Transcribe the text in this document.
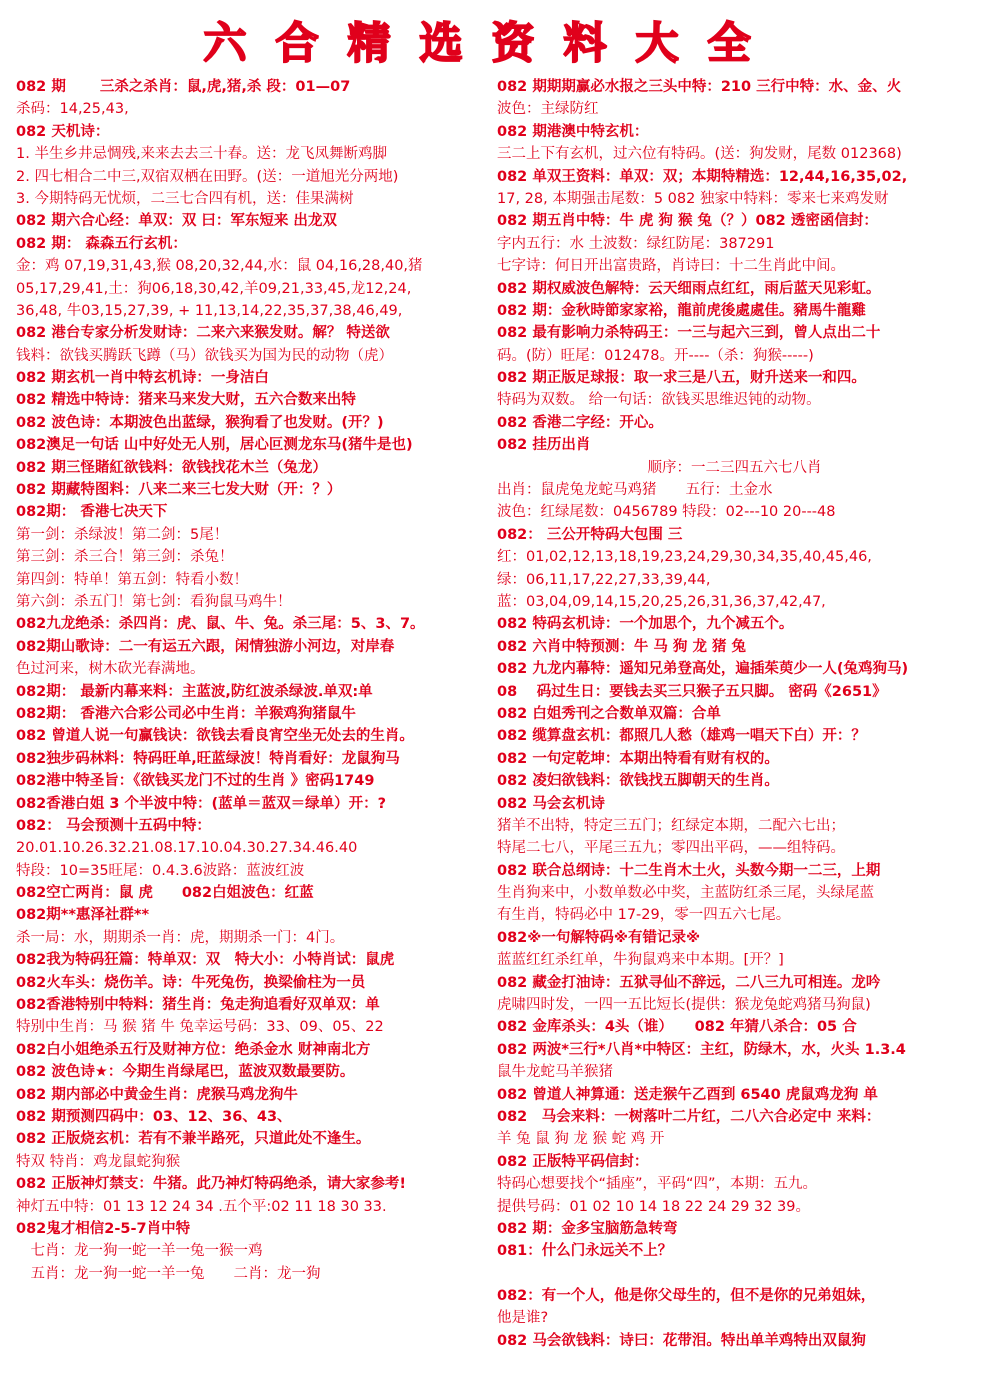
六合精选资料大全
082 期 　　三杀之杀肖：鼠,虎,猪,杀 段：01—07
杀码：14,25,43,
082 天机诗：
1. 半生乡井忌惆残,来来去去三十春。送：龙飞凤舞断鸡脚
2. 四七相合二中三,双宿双栖在田野。(送：一道旭光分两地)
3. 今期特码无忧烦，二三七合四有机，送：佳果满树
082 期六合心经：单双：双 曰：军东短来 出龙双
082 期： 森森五行玄机：
金：鸡 07,19,31,43,猴 08,20,32,44,水：鼠 04,16,28,40,猪
05,17,29,41,土：狗06,18,30,42,羊09,21,33,45,龙12,24,
36,48, 牛03,15,27,39, + 11,13,14,22,35,37,38,46,49,
082 港台专家分析发财诗：二来六来猴发财。解？ 特送欲
钱料：欲钱买腾跃飞蹲（马）欲钱买为国为民的动物（虎）
082 期玄机一肖中特玄机诗：一身洁白
082 精选中特诗：猪来马来发大财，五六合数来出特
082 波色诗：本期波色出蓝绿，猴狗看了也发财。(开？)
082澳足一句话 山中好处无人别，居心叵测龙东马(猪牛是也)
082 期三怪賭紅欲钱料：欲钱找花木兰（兔龙）
082 期藏特图料：八来二来三七发大财（开：？）
082期： 香港七决天下
第一剑：杀绿波！第二剑：5尾！
第三剑：杀三合！第三剑：杀兔！
第四剑：特单！第五剑：特看小数！
第六剑：杀五门！第七剑：看狗鼠马鸡牛！
082九龙绝杀：杀四肖：虎、鼠、牛、兔。杀三尾：5、3、7。
082期山歌诗：二一有运五六跟，闲情独游小河边，对岸春
色过河来，树木砍光春满地。
082期： 最新内幕来料：主蓝波,防红波杀绿波.单双:单
082期： 香港六合彩公司必中生肖：羊猴鸡狗猪鼠牛
082 曾道人说一句赢钱诀：欲钱去看良宵空坐无处去的生肖。
082独步码林料：特码旺单,旺蓝绿波！特肖看好：龙鼠狗马
082港中特圣旨：《欲钱买龙门不过的生肖 》密码1749
082香港白姐 3 个半波中特：(蓝单＝蓝双＝绿单）开：?
082： 马会预测十五码中特：
20.01.10.26.32.21.08.17.10.04.30.27.34.46.40
特段：10=35旺尾：0.4.3.6波路：蓝波红波
082空亡两肖：鼠 虎　　082白姐波色：红蓝
082期**惠泽社群**
杀一局：水，期期杀一肖：虎，期期杀一门：4门。
082我为特码狂篇：特单双：双　特大小：小特肖试：鼠虎
082火车头：烧伤羊。诗：牛死兔伤，换梁偷柱为一员
082香港特别中特料：猪生肖：兔走狗追看好双单双：单
特别中生肖：马 猴 猪 牛 兔幸运号码：33、09、05、22
082白小姐绝杀五行及财神方位：绝杀金水 财神南北方
082 波色诗★：今期生肖绿尾巴，蓝波双数最要防。
082 期内部必中黄金生肖：虎猴马鸡龙狗牛
082 期预测四码中：03、12、36、43、
082 正版烧玄机：若有不兼半路死，只道此处不逢生。
特双 特肖：鸡龙鼠蛇狗猴
082 正版神灯禁支：牛猪。此乃神灯特码绝杀，请大家参考!
神灯五中特：01 13 12 24 34 .五个平:02 11 18 30 33.
082鬼才相信2-5-7肖中特
　七肖：龙一狗一蛇一羊一兔一猴一鸡
　五肖：龙一狗一蛇一羊一兔　　二肖：龙一狗
082 期期期赢必水报之三头中特：210 三行中特：水、金、火
波色：主绿防红
082 期港澳中特玄机：
三二上下有玄机，过六位有特码。(送：狗发财，尾数 012368)
082 单双王资料：单双：双；本期特精选：12,44,16,35,02,
17, 28, 本期强击尾数：5 082 独家中特料：零来七来鸡发财
082 期五肖中特：牛 虎 狗 猴 兔（？）082 透密函信封：
字内五行：水 土波数：绿红防尾：387291
七字诗：何日开出富贵路，肖诗曰：十二生肖此中间。
082 期权威波色解特：云天细雨点红红，雨后蓝天见彩虹。
082 期：金秋時節家家裕，龍前虎後處處佳。豬馬牛龍雞
082 最有影响力杀特码王：一三与起六三到，曾人点出二十
码。(防）旺尾：012478。开----（杀：狗猴-----)
082 期正版足球报：取一求三是八五，财升送来一和四。
特码为双数。 给一句话：欲钱买思维迟钝的动物。
082 香港二字经：开心。
082 挂历出肖
顺序：一二三四五六七八肖
出肖：鼠虎兔龙蛇马鸡猪　　五行：土金水
波色：红绿尾数：0456789 特段：02---10 20---48
082： 三公开特码大包围 三
红：01,02,12,13,18,19,23,24,29,30,34,35,40,45,46,
绿：06,11,17,22,27,33,39,44,
蓝：03,04,09,14,15,20,25,26,31,36,37,42,47,
082 特码玄机诗：一个加思个，九个减五个。
082 六肖中特预测：牛 马 狗 龙 猪 兔
082 九龙内幕特：遥知兄弟登高处，遍插茱萸少一人(兔鸡狗马)
08 　码过生日：要钱去买三只猴子五只脚。 密码《2651》
082 白姐秀刊之合数单双篇：合单
082 缆算盘玄机：都照几人愁（雄鸡一唱天下白）开：？
082 一句定乾坤：本期出特看有财有权的。
082 凌妇欲钱料：欲钱找五脚朝天的生肖。
082 马会玄机诗
猪羊不出特，特定三五门；红绿定本期，二配六七出；
特尾二七八，平尾三五九；零四出平码，——组特码。
082 联合总纲诗：十二生肖木土火，头数今期一二三，上期
生肖狗来中，小数单数必中奖，主蓝防红杀三尾，头绿尾蓝
有生肖，特码必中 17-29，零一四五六七尾。
082※一句解特码※有错记录※
蓝蓝红红杀红单，牛狗鼠鸡来中本期。[开？]
082 藏金打油诗：五狱寻仙不辞远，二八三九可相连。龙吟
虎啸四时发，一四一五比短长(提供：猴龙兔蛇鸡猪马狗鼠)
082 金库杀头：4头（谁）　　082 年猜八杀合：05 合
082 两波*三行*八肖*中特区：主红，防绿木，水，火头 1.3.4
鼠牛龙蛇马羊猴猪
082 曾道人神算通：送走猴午乙酉到 6540 虎鼠鸡龙狗 单
082　马会来料：一树落叶二片红，二八六合必定中 来料：
羊 兔 鼠 狗 龙 猴 蛇 鸡 开
082 正版特平码信封：
特码心想要找个“插座”，平码“四”，本期：五九。
提供号码：01 02 10 14 18 22 24 29 32 39。
082 期：金多宝脑筋急转弯
081：什么门永远关不上？
082：有一个人，他是你父母生的，但不是你的兄弟姐妹，
他是谁?
082 马会欲钱料：诗曰：花带泪。特出单羊鸡特出双鼠狗
